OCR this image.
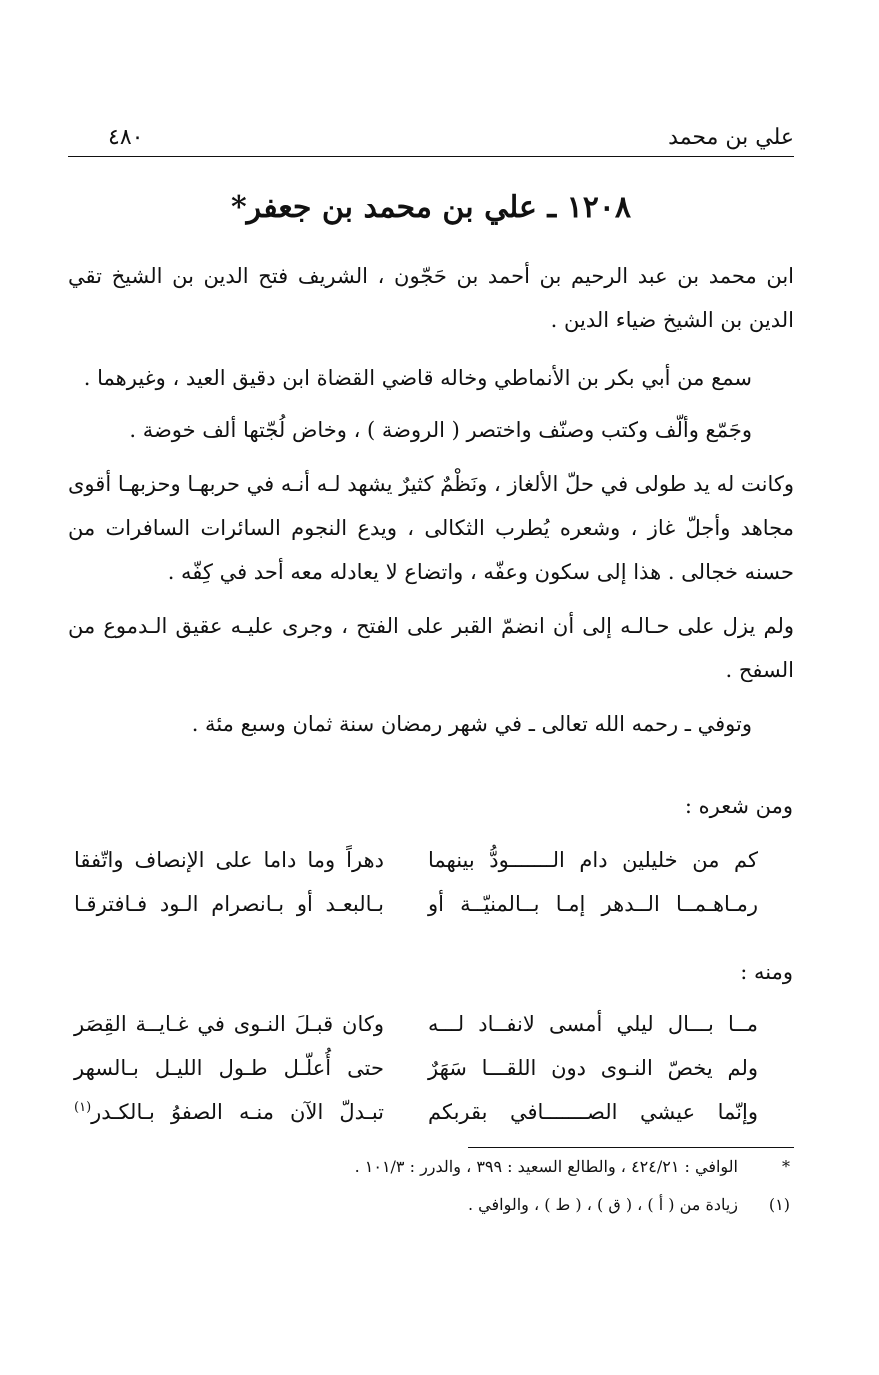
علي بن محمد
٤٨٠
١٢٠٨ ـ علي بن محمد بن جعفر*

ابن محمد بن عبد الرحيم بن أحمد بن حَجّون ، الشريف فتح الدين بن الشيخ تقي الدين بن الشيخ ضياء الدين .

سمع من أبي بكر بن الأنماطي وخاله قاضي القضاة ابن دقيق العيد ، وغيرهما .

وجَمّع وألّف وكتب وصنّف واختصر ( الروضة ) ، وخاض لُجّتها ألف خوضة .

وكانت له يد طولى في حلّ الألغاز ، ونَظْمٌ كثيرٌ يشهد لـه أنـه في حربهـا وحزبهـا أقوى مجاهد وأجلّ غاز ، وشعره يُطرب الثكالى ، ويدع النجوم السائرات السافرات من حسنه خجالى . هذا إلى سكون وعفّه ، واتضاع لا يعادله معه أحد في كِفّه .

ولم يزل على حـالـه إلى أن انضمّ القبر على الفتح ، وجرى عليـه عقيق الـدموع من السفح .

وتوفي ـ رحمه الله تعالى ـ في شهر رمضان سنة ثمان وسبع مئة .

ومن شعره :
كم من خليلين دام الـــــــودُّ بينهما
دهراً وما داما على الإنصاف واتّفقا
رمـاهـمــا الــدهر إمـا بــالمنيّــة أو
بـالبعـد أو بـانصرام الـود فـافترقـا
ومنه :
مــا بـــال ليلي أمسى لانفــاد لـــه
وكان قبـلَ النـوى في غـايــة القِصَر
ولم يخصّ النـوى دون اللقـــا سَهَرٌ
حتى أُعلّـل طـول الليـل بـالسهر
وإنّما عيشي الصـــــــافي بقربكم
تبـدلّ الآن منـه الصفوُ بـالكـدر$^{(١)}$
*
الوافي : ٤٢٤/٢١ ، والطالع السعيد : ٣٩٩ ، والدرر : ١٠١/٣ .
(١)
زيادة من ( أ ) ، ( ق ) ، ( ط ) ، والوافي .
